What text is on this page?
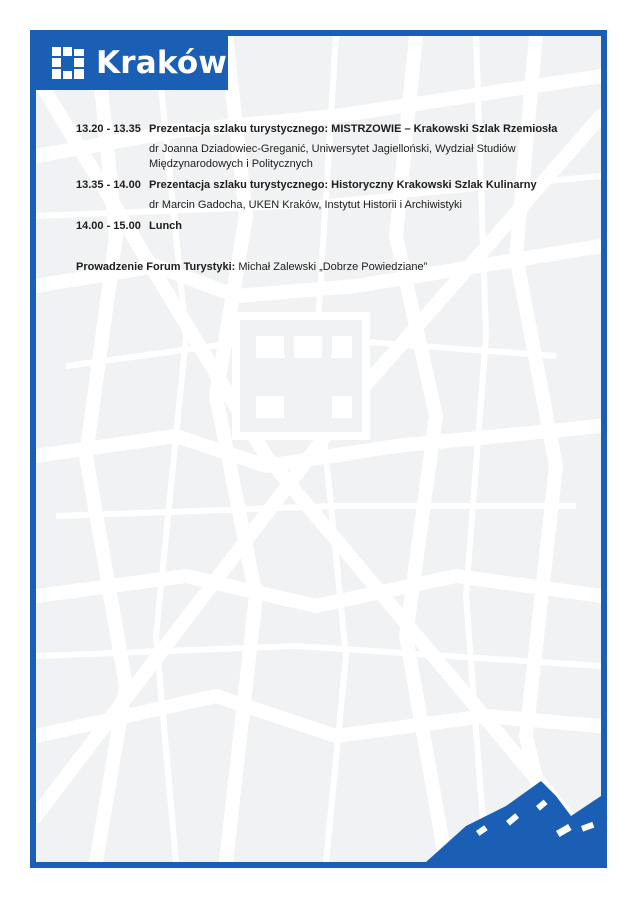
Kraków
13.20 - 13.35 Prezentacja szlaku turystycznego: MISTRZOWIE – Krakowski Szlak Rzemiosła
dr Joanna Dziadowiec-Greganić, Uniwersytet Jagielloński, Wydział Studiów Międzynarodowych i Politycznych
13.35 - 14.00 Prezentacja szlaku turystycznego: Historyczny Krakowski Szlak Kulinarny
dr Marcin Gadocha, UKEN Kraków, Instytut Historii i Archiwistyki
14.00 - 15.00 Lunch
Prowadzenie Forum Turystyki: Michał Zalewski „Dobrze Powiedziane”
